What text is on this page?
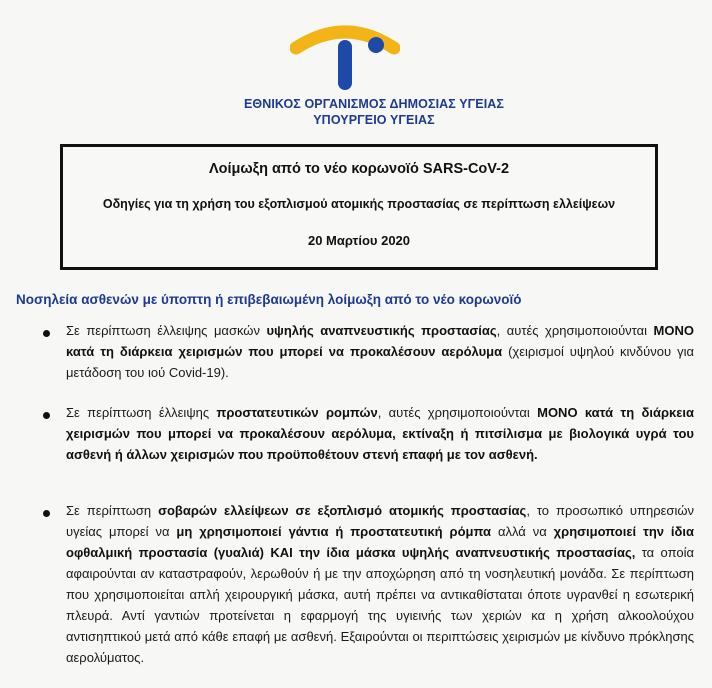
ΕΘΝΙΚΟΣ ΟΡΓΑΝΙΣΜΟΣ ΔΗΜΟΣΙΑΣ ΥΓΕΙΑΣ
ΥΠΟΥΡΓΕΙΟ ΥΓΕΙΑΣ
Λοίμωξη από το νέο κορωνοϊό SARS-CoV-2
Οδηγίες για τη χρήση του εξοπλισμού ατομικής προστασίας σε περίπτωση ελλείψεων
20 Μαρτίου 2020
Νοσηλεία ασθενών με ύποπτη ή επιβεβαιωμένη λοίμωξη από το νέο κορωνοϊό

Σε περίπτωση έλλειψης μασκών υψηλής αναπνευστικής προστασίας, αυτές χρησιμοποιούνται ΜΟΝΟ κατά τη διάρκεια χειρισμών που μπορεί να προκαλέσουν αερόλυμα (χειρισμοί υψηλού κινδύνου για μετάδοση του ιού Covid-19).

Σε περίπτωση έλλειψης προστατευτικών ρομπών, αυτές χρησιμοποιούνται ΜΟΝΟ κατά τη διάρκεια χειρισμών που μπορεί να προκαλέσουν αερόλυμα, εκτίναξη ή πιτσίλισμα με βιολογικά υγρά του ασθενή ή άλλων χειρισμών που προϋποθέτουν στενή επαφή με τον ασθενή.

Σε περίπτωση σοβαρών ελλείψεων σε εξοπλισμό ατομικής προστασίας, το προσωπικό υπηρεσιών υγείας μπορεί να μη χρησιμοποιεί γάντια ή προστατευτική ρόμπα αλλά να χρησιμοποιεί την ίδια οφθαλμική προστασία (γυαλιά) ΚΑΙ την ίδια μάσκα υψηλής αναπνευστικής προστασίας, τα οποία αφαιρούνται αν καταστραφούν, λερωθούν ή με την αποχώρηση από τη νοσηλευτική μονάδα. Σε περίπτωση που χρησιμοποιείται απλή χειρουργική μάσκα, αυτή πρέπει να αντικαθίσταται όποτε υγρανθεί η εσωτερική πλευρά. Αντί γαντιών προτείνεται η εφαρμογή της υγιεινής των χεριών κα η χρήση αλκοολούχου αντισηπτικού μετά από κάθε επαφή με ασθενή. Εξαιρούνται οι περιπτώσεις χειρισμών με κίνδυνο πρόκλησης αερολύματος.
